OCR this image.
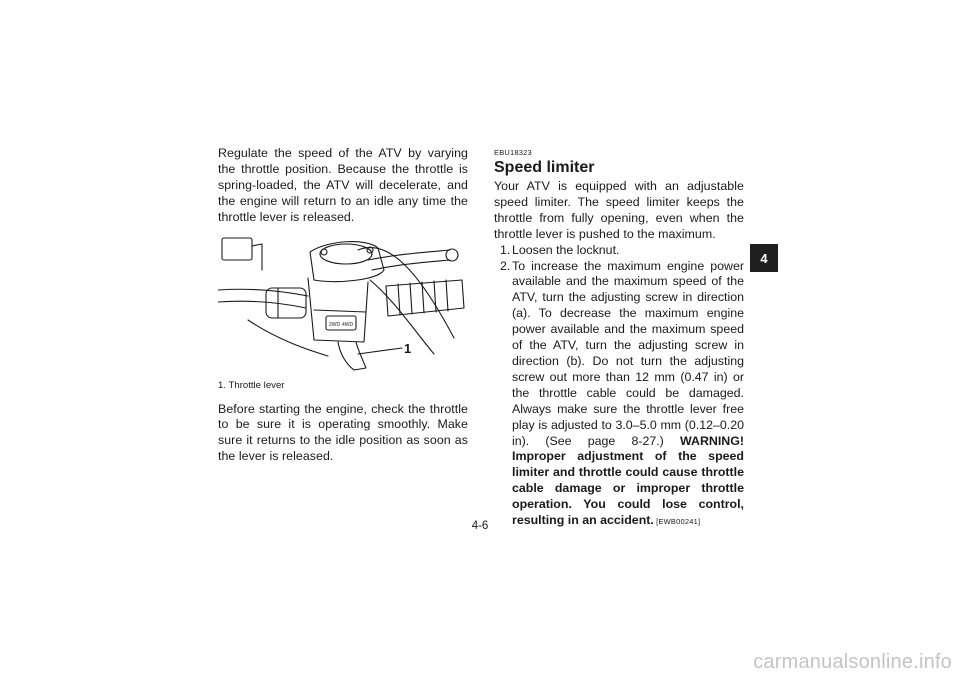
Regulate the speed of the ATV by varying the throttle position. Because the throttle is spring-loaded, the ATV will decelerate, and the engine will return to an idle any time the throttle lever is released.

2WD 4WD
1

1. Throttle lever

Before starting the engine, check the throttle to be sure it is operating smoothly. Make sure it returns to the idle position as soon as the lever is released.

EBU18323
Speed limiter

Your ATV is equipped with an adjustable speed limiter. The speed limiter keeps the throttle from fully opening, even when the throttle lever is pushed to the maximum.

1. Loosen the locknut.
2. To increase the maximum engine power available and the maximum speed of the ATV, turn the adjusting screw in direction (a). To decrease the maximum engine power available and the maximum speed of the ATV, turn the adjusting screw in direction (b). Do not turn the adjusting screw out more than 12 mm (0.47 in) or the throttle cable could be damaged. Always make sure the throttle lever free play is adjusted to 3.0–5.0 mm (0.12–0.20 in). (See page 8-27.) WARNING! Improper adjustment of the speed limiter and throttle could cause throttle cable damage or improper throttle operation. You could lose control, resulting in an accident. [EWB00241]
4
4-6
carmanualsonline.info
